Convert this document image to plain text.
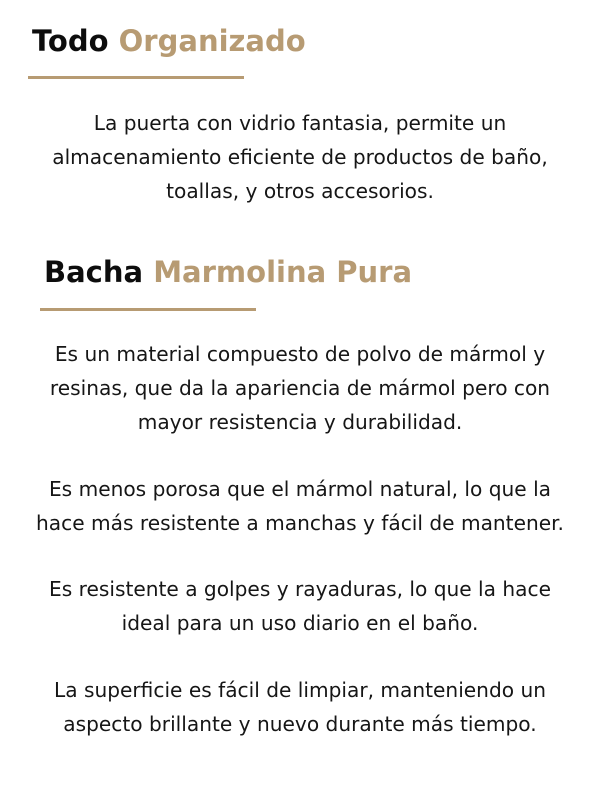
Todo Organizado

La puerta con vidrio fantasia, permite un
almacenamiento eficiente de productos de baño,
toallas, y otros accesorios.

Bacha Marmolina Pura

Es un material compuesto de polvo de mármol y
resinas, que da la apariencia de mármol pero con
mayor resistencia y durabilidad.

Es menos porosa que el mármol natural, lo que la
hace más resistente a manchas y fácil de mantener.

Es resistente a golpes y rayaduras, lo que la hace
ideal para un uso diario en el baño.

La superficie es fácil de limpiar, manteniendo un
aspecto brillante y nuevo durante más tiempo.
